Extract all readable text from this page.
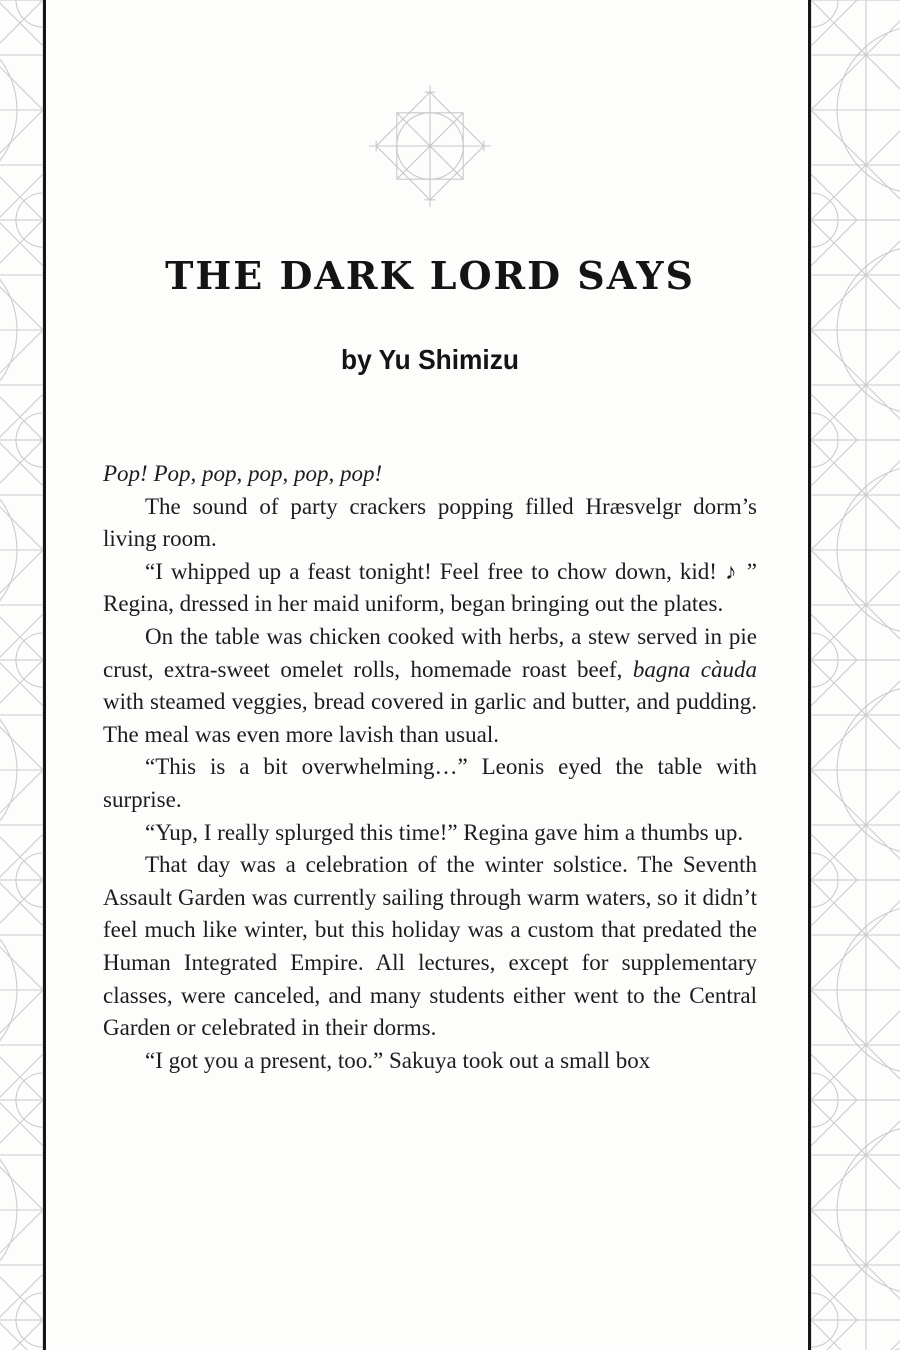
THE DARK LORD SAYS
by Yu Shimizu

Pop! Pop, pop, pop, pop, pop!

The sound of party crackers popping filled Hræsvelgr dorm’s living room.

“I whipped up a feast tonight! Feel free to chow down, kid! ♪ ” Regina, dressed in her maid uniform, began bringing out the plates.

On the table was chicken cooked with herbs, a stew served in pie crust, extra-sweet omelet rolls, homemade roast beef, bagna càuda with steamed veggies, bread covered in garlic and butter, and pudding. The meal was even more lavish than usual.

“This is a bit overwhelming…” Leonis eyed the table with surprise.

“Yup, I really splurged this time!” Regina gave him a thumbs up.

That day was a celebration of the winter solstice. The Seventh Assault Garden was currently sailing through warm waters, so it didn’t feel much like winter, but this holiday was a custom that predated the Human Integrated Empire. All lectures, except for supplementary classes, were canceled, and many students either went to the Central Garden or celebrated in their dorms.

“I got you a present, too.” Sakuya took out a small box
